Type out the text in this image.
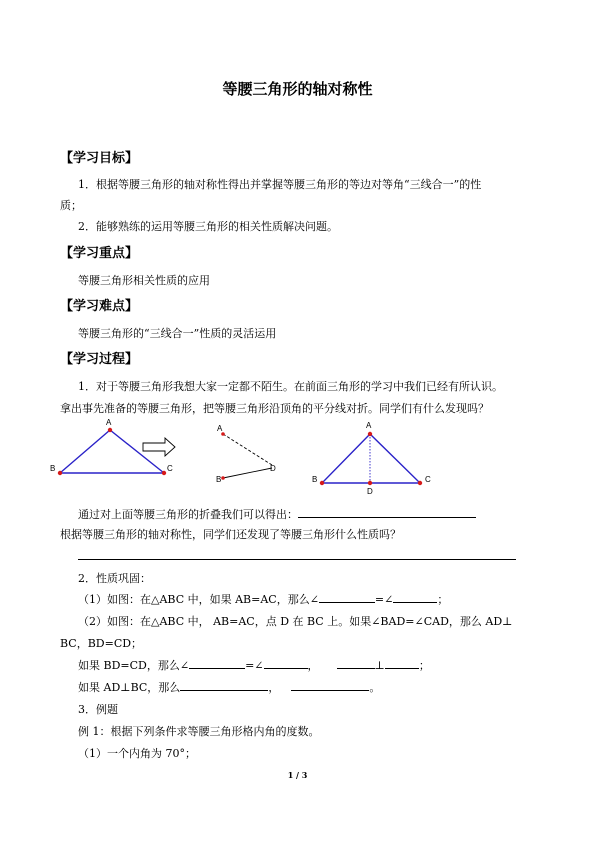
等腰三角形的轴对称性
【学习目标】
1．根据等腰三角形的轴对称性得出并掌握等腰三角形的等边对等角“三线合一”的性
质；
2．能够熟练的运用等腰三角形的相关性质解决问题。
【学习重点】
等腰三角形相关性质的应用
【学习难点】
等腰三角形的“三线合一”性质的灵活运用
【学习过程】
1．对于等腰三角形我想大家一定都不陌生。在前面三角形的学习中我们已经有所认识。
拿出事先准备的等腰三角形，把等腰三角形沿顶角的平分线对折。同学们有什么发现吗？
A
B	C
A
D
B
A
B	C
D
通过对上面等腰三角形的折叠我们可以得出：
根据等腰三角形的轴对称性，同学们还发现了等腰三角形什么性质吗？
2．性质巩固：
（1）如图：在△ABC 中，如果 AB=AC，那么∠	=∠	；
（2）如图：在△ABC 中， AB=AC，点 D 在 BC 上。如果∠BAD=∠CAD，那么 AD⊥
BC，BD=CD；
如果 BD=CD，那么∠	=∠	，	⊥	；
如果 AD⊥BC，那么	，	。
3．例题
例 1：根据下列条件求等腰三角形格内角的度数。
（1）一个内角为 70°；
1 / 3
